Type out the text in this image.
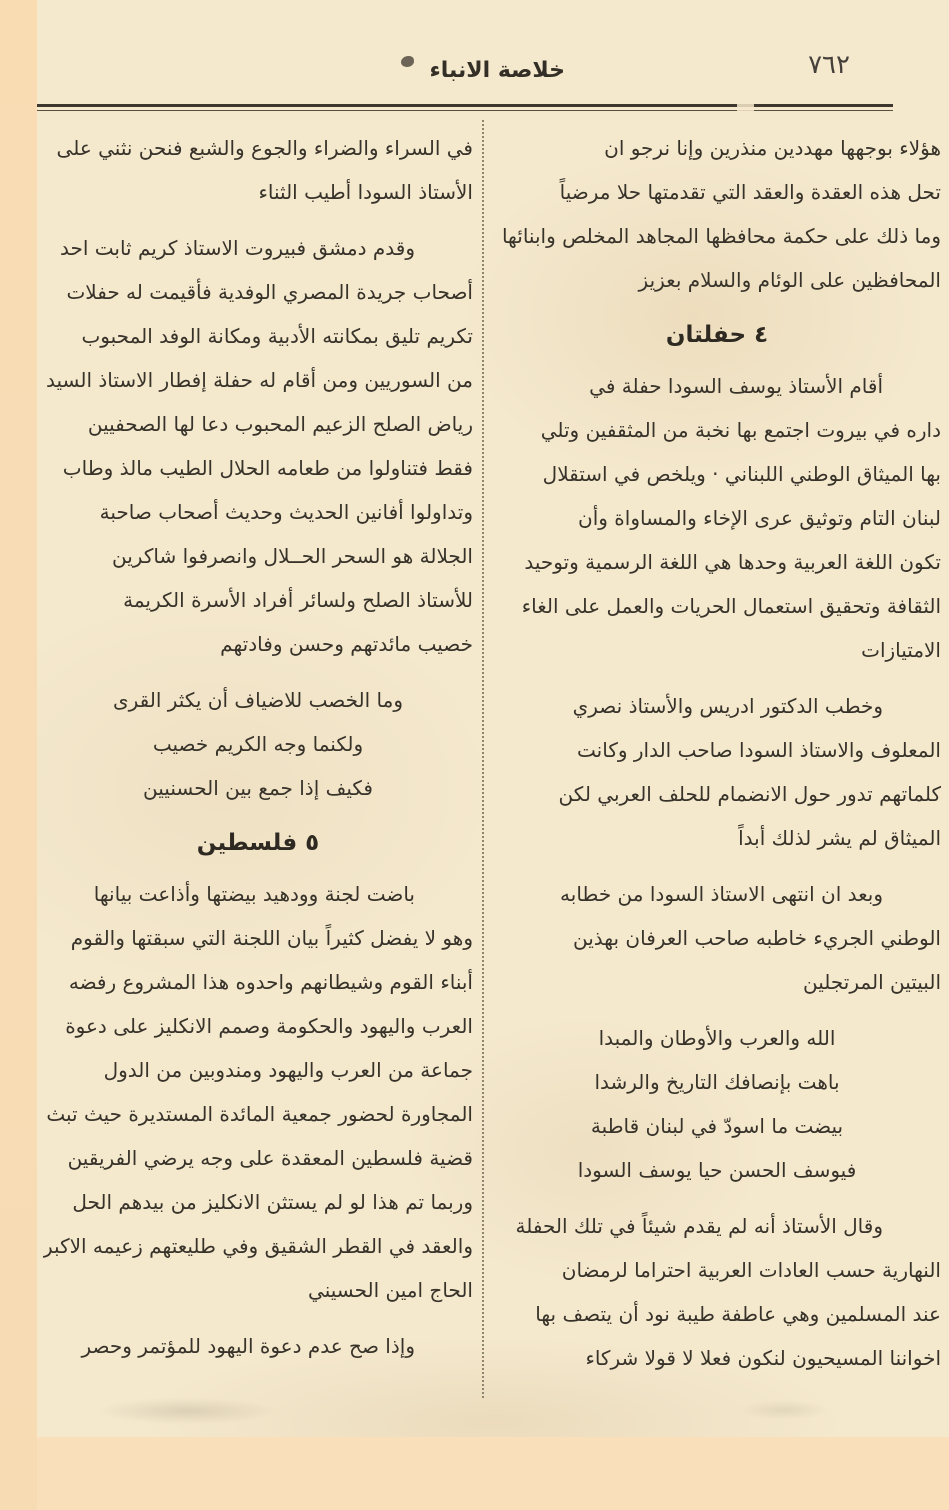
٧٦٢
خلاصة الانباء
هؤلاء بوجهها مهددين منذرين وإنا نرجو ان
تحل هذه العقدة والعقد التي تقدمتها حلا مرضياً
وما ذلك على حكمة محافظها المجاهد المخلص وابنائها
المحافظين على الوئام والسلام بعزيز
٤ حفلتان
أقام الأستاذ يوسف السودا حفلة في
داره في بيروت اجتمع بها نخبة من المثقفين وتلي
بها الميثاق الوطني اللبناني · ويلخص في استقلال
لبنان التام وتوثيق عرى الإخاء والمساواة وأن
تكون اللغة العربية وحدها هي اللغة الرسمية وتوحيد
الثقافة وتحقيق استعمال الحريات والعمل على الغاء
الامتيازات
وخطب الدكتور ادريس والأستاذ نصري
المعلوف والاستاذ السودا صاحب الدار وكانت
كلماتهم تدور حول الانضمام للحلف العربي لكن
الميثاق لم يشر لذلك أبداً
وبعد ان انتهى الاستاذ السودا من خطابه
الوطني الجريء خاطبه صاحب العرفان بهذين
البيتين المرتجلين
الله والعرب والأوطان والمبدا
باهت بإنصافك التاريخ والرشدا
بيضت ما اسودّ في لبنان قاطبة
فيوسف الحسن حيا يوسف السودا
وقال الأستاذ أنه لم يقدم شيئاً في تلك الحفلة
النهارية حسب العادات العربية احتراما لرمضان
عند المسلمين وهي عاطفة طيبة نود أن يتصف بها
اخواننا المسيحيون لنكون فعلا لا قولا شركاء
في السراء والضراء والجوع والشبع فنحن نثني على
الأستاذ السودا أطيب الثناء
وقدم دمشق فبيروت الاستاذ كريم ثابت احد
أصحاب جريدة المصري الوفدية فأقيمت له حفلات
تكريم تليق بمكانته الأدبية ومكانة الوفد المحبوب
من السوريين ومن أقام له حفلة إفطار الاستاذ السيد
رياض الصلح الزعيم المحبوب دعا لها الصحفيين
فقط فتناولوا من طعامه الحلال الطيب مالذ وطاب
وتداولوا أفانين الحديث وحديث أصحاب صاحبة
الجلالة هو السحر الحــلال وانصرفوا شاكرين
للأستاذ الصلح ولسائر أفراد الأسرة الكريمة
خصيب مائدتهم وحسن وفادتهم
وما الخصب للاضياف أن يكثر القرى
ولكنما وجه الكريم خصيب
فكيف إذا جمع بين الحسنيين
٥ فلسطين
باضت لجنة وودهيد بيضتها وأذاعت بيانها
وهو لا يفضل كثيراً بيان اللجنة التي سبقتها والقوم
أبناء القوم وشيطانهم واحدوه هذا المشروع رفضه
العرب واليهود والحكومة وصمم الانكليز على دعوة
جماعة من العرب واليهود ومندوبين من الدول
المجاورة لحضور جمعية المائدة المستديرة حيث تبث
قضية فلسطين المعقدة على وجه يرضي الفريقين
وربما تم هذا لو لم يستثن الانكليز من بيدهم الحل
والعقد في القطر الشقيق وفي طليعتهم زعيمه الاكبر
الحاج امين الحسيني
وإذا صح عدم دعوة اليهود للمؤتمر وحصر
